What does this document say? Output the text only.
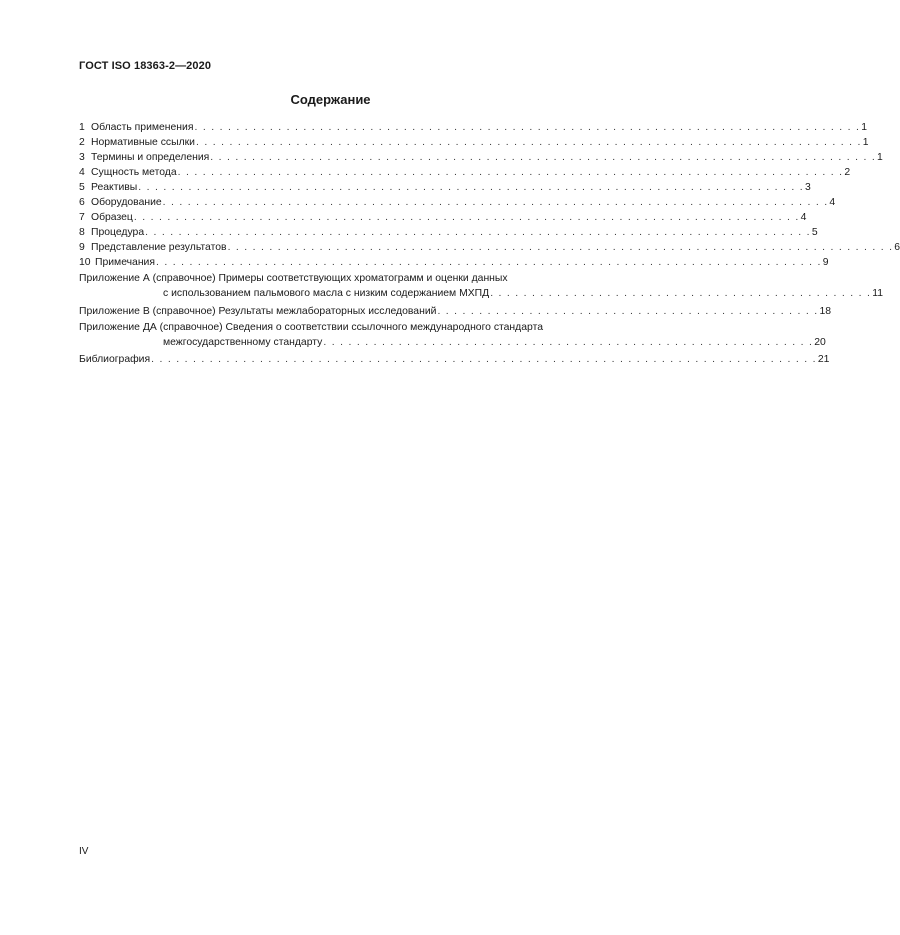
ГОСТ ISO 18363-2—2020
Содержание
1 Область применения . . . . . . . . . . . . . . . . . . . . . . . . . . . . . . . . . . . . . . . . . . . . . . . . . . . . . . . . . . . . . . . . . . . . . . . . . . . . . . . . 1
2 Нормативные ссылки . . . . . . . . . . . . . . . . . . . . . . . . . . . . . . . . . . . . . . . . . . . . . . . . . . . . . . . . . . . . . . . . . . . . . . . . . . . . . . . . 1
3 Термины и определения . . . . . . . . . . . . . . . . . . . . . . . . . . . . . . . . . . . . . . . . . . . . . . . . . . . . . . . . . . . . . . . . . . . . . . . . . . . . . . . . 1
4 Сущность метода . . . . . . . . . . . . . . . . . . . . . . . . . . . . . . . . . . . . . . . . . . . . . . . . . . . . . . . . . . . . . . . . . . . . . . . . . . . . . . . . 2
5 Реактивы . . . . . . . . . . . . . . . . . . . . . . . . . . . . . . . . . . . . . . . . . . . . . . . . . . . . . . . . . . . . . . . . . . . . . . . . . . . . . . . . 3
6 Оборудование . . . . . . . . . . . . . . . . . . . . . . . . . . . . . . . . . . . . . . . . . . . . . . . . . . . . . . . . . . . . . . . . . . . . . . . . . . . . . . . . 4
7 Образец . . . . . . . . . . . . . . . . . . . . . . . . . . . . . . . . . . . . . . . . . . . . . . . . . . . . . . . . . . . . . . . . . . . . . . . . . . . . . . . . 4
8 Процедура . . . . . . . . . . . . . . . . . . . . . . . . . . . . . . . . . . . . . . . . . . . . . . . . . . . . . . . . . . . . . . . . . . . . . . . . . . . . . . . . 5
9 Представление результатов . . . . . . . . . . . . . . . . . . . . . . . . . . . . . . . . . . . . . . . . . . . . . . . . . . . . . . . . . . . . . . . . . . . . . . . . . . . . . . . . 6
10 Примечания . . . . . . . . . . . . . . . . . . . . . . . . . . . . . . . . . . . . . . . . . . . . . . . . . . . . . . . . . . . . . . . . . . . . . . . . . . . . . . . . 9
Приложение А (справочное) Примеры соответствующих хроматограмм и оценки данных
с использованием пальмового масла с низким содержанием МХПД . . . . . . . . . . . . . . . . . . . . . . . . . . . . . . . . . . . . . . . . . . . . . . 11
Приложение В (справочное) Результаты межлабораторных исследований . . . . . . . . . . . . . . . . . . . . . . . . . . . . . . . . . . . . . . . . . . . . . . 18
Приложение ДА (справочное) Сведения о соответствии ссылочного международного стандарта
межгосударственному стандарту . . . . . . . . . . . . . . . . . . . . . . . . . . . . . . . . . . . . . . . . . . . . . . . . . . . . . . . . . . . 20
Библиография . . . . . . . . . . . . . . . . . . . . . . . . . . . . . . . . . . . . . . . . . . . . . . . . . . . . . . . . . . . . . . . . . . . . . . . . . . . . . . . . 21
IV
